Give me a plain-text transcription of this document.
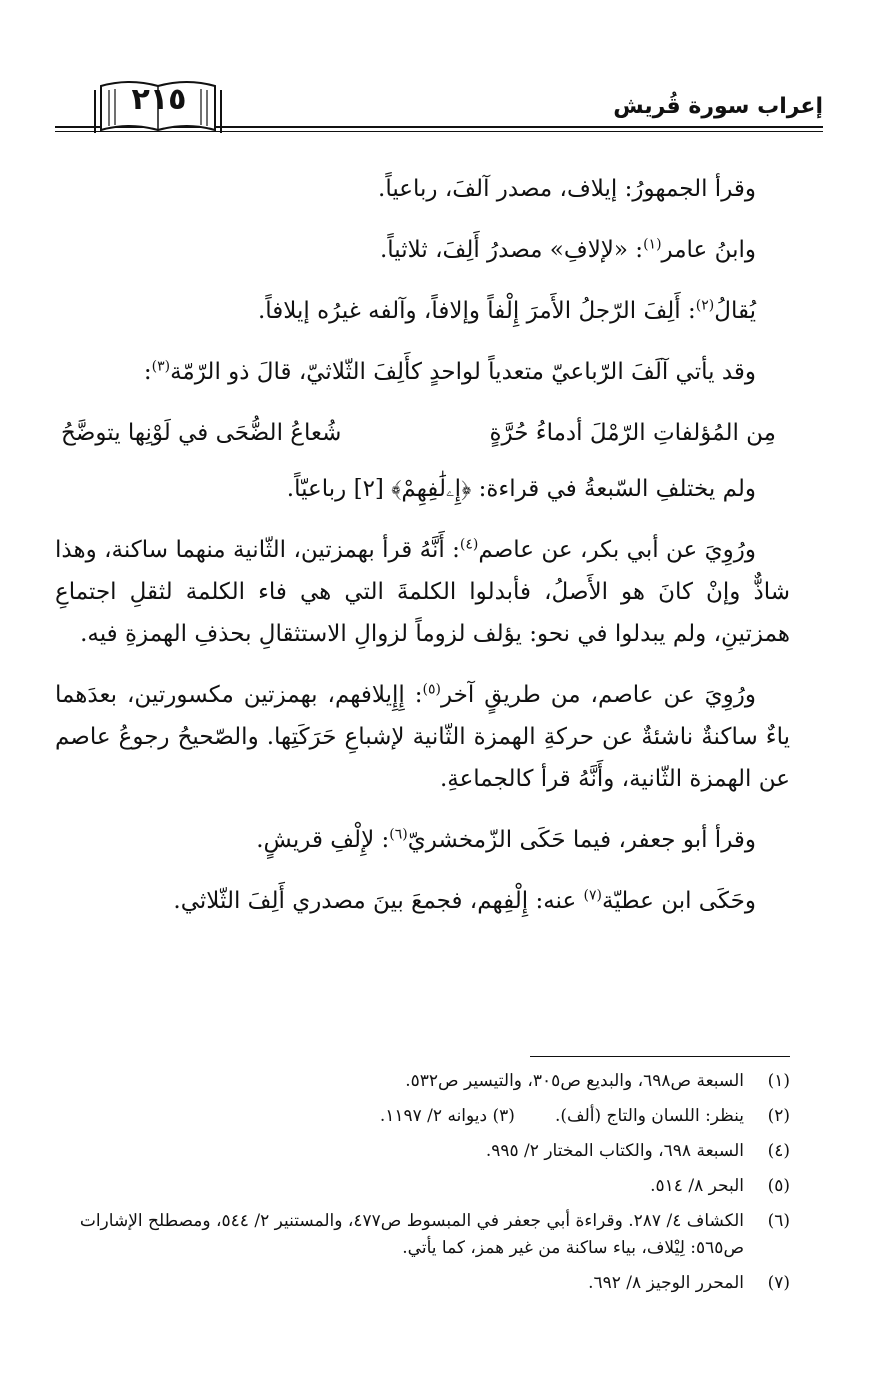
إعراب سورة قُريش
٢١٥

وقرأ الجمهورُ: إيلاف، مصدر آلفَ، رباعياً.

وابنُ عامر$^{(١)}$: «لإلافِ» مصدرُ أَلِفَ، ثلاثياً.

يُقالُ$^{(٢)}$: أَلِفَ الرّجلُ الأَمرَ إِلْفاً وإلافاً، وآلفه غيرُه إيلافاً.

وقد يأتي آلَفَ الرّباعيّ متعدياً لواحدٍ كأَلِفَ الثّلاثيّ، قالَ ذو الرّمّة$^{(٣)}$:

مِن المُؤلفاتِ الرّمْلَ أدماءُ حُرَّةٍ
شُعاعُ الضُّحَى في لَوْنِها يتوضَّحُ

ولم يختلفِ السّبعةُ في قراءة: ﴿إِۦلَٰفِهِمْ﴾ [٢] رباعيّاً.

ورُوِيَ عن أبي بكر، عن عاصم$^{(٤)}$: أَنَّهُ قرأ بهمزتين، الثّانية منهما ساكنة، وهذا شاذٌّ وإنْ كانَ هو الأَصلُ، فأبدلوا الكلمةَ التي هي فاء الكلمة لثقلِ اجتماعِ همزتينِ، ولم يبدلوا في نحو: يؤلف لزوماً لزوالِ الاستثقالِ بحذفِ الهمزةِ فيه.

ورُوِيَ عن عاصم، من طريقٍ آخر$^{(٥)}$: إِإِيلافهم، بهمزتين مكسورتين، بعدَهما ياءٌ ساكنةٌ ناشئةٌ عن حركةِ الهمزة الثّانية لإشباعِ حَرَكَتِها. والصّحيحُ رجوعُ عاصم عن الهمزة الثّانية، وأَنَّهُ قرأ كالجماعةِ.

وقرأ أبو جعفر، فيما حَكَى الزّمخشريّ$^{(٦)}$: لإِلْفِ قريشٍ.

وحَكَى ابن عطيّة$^{(٧)}$ عنه: إِلْفِهم، فجمعَ بينَ مصدري أَلِفَ الثّلاثي.

(١)
السبعة ص٦٩٨، والبديع ص٣٠٥، والتيسير ص٥٣٢.
(٢)
ينظر: اللسان والتاج (ألف).(٣) ديوانه ٢/ ١١٩٧.
(٤)
السبعة ٦٩٨، والكتاب المختار ٢/ ٩٩٥.
(٥)
البحر ٨/ ٥١٤.
(٦)
الكشاف ٤/ ٢٨٧. وقراءة أبي جعفر في المبسوط ص٤٧٧، والمستنير ٢/ ٥٤٤، ومصطلح الإشارات ص٥٦٥: لِيْلاف، بياء ساكنة من غير همز، كما يأتي.
(٧)
المحرر الوجيز ٨/ ٦٩٢.
